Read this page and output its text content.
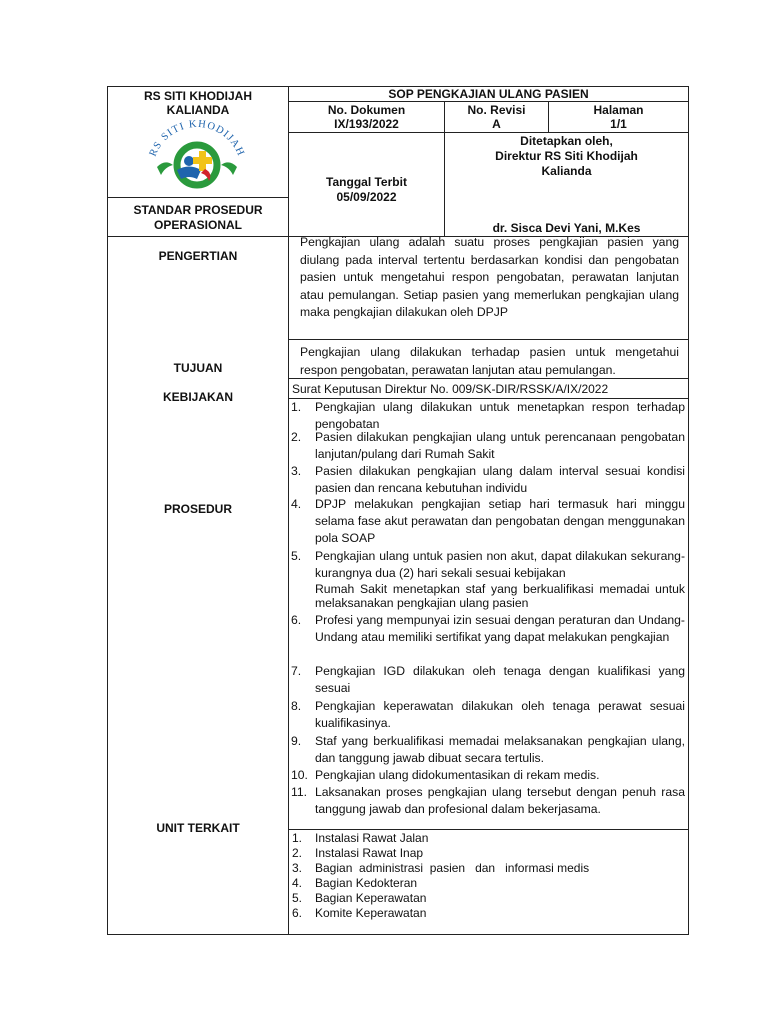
RS SITI KHODIJAH
KALIANDA
RS SITI KHODIJAH
STANDAR PROSEDUR
OPERASIONAL
SOP PENGKAJIAN ULANG PASIEN
No. Dokumen
IX/193/2022
No. Revisi
A
Halaman
1/1
Tanggal Terbit
05/09/2022
Ditetapkan oleh,
Direktur RS Siti Khodijah
Kalianda
dr. Sisca Devi Yani, M.Kes
PENGERTIAN
TUJUAN
KEBIJAKAN
PROSEDUR
UNIT TERKAIT
Pengkajian ulang adalah suatu proses pengkajian pasien yang diulang pada interval tertentu berdasarkan kondisi dan pengobatan pasien untuk mengetahui respon pengobatan, perawatan lanjutan atau pemulangan. Setiap pasien yang memerlukan pengkajian ulang maka pengkajian dilakukan oleh DPJP
Pengkajian ulang dilakukan terhadap pasien untuk mengetahui respon pengobatan, perawatan lanjutan atau pemulangan.
Surat Keputusan Direktur No. 009/SK-DIR/RSSK/A/IX/2022
1. Pengkajian ulang dilakukan untuk menetapkan respon terhadap pengobatan
2. Pasien dilakukan pengkajian ulang untuk perencanaan pengobatan lanjutan/pulang dari Rumah Sakit
3. Pasien dilakukan pengkajian ulang dalam interval sesuai kondisi pasien dan rencana kebutuhan individu
4. DPJP melakukan pengkajian setiap hari termasuk hari minggu selama fase akut perawatan dan pengobatan dengan menggunakan pola SOAP
5. Pengkajian ulang untuk pasien non akut, dapat dilakukan sekurang-kurangnya dua (2) hari sekali sesuai kebijakan
Rumah Sakit menetapkan staf yang berkualifikasi memadai untuk melaksanakan pengkajian ulang pasien
6. Profesi yang mempunyai izin sesuai dengan peraturan dan Undang-Undang atau memiliki sertifikat yang dapat melakukan pengkajian
7. Pengkajian IGD dilakukan oleh tenaga dengan kualifikasi yang sesuai
8. Pengkajian keperawatan dilakukan oleh tenaga perawat sesuai kualifikasinya.
9. Staf yang berkualifikasi memadai melaksanakan pengkajian ulang, dan tanggung jawab dibuat secara tertulis.
10. Pengkajian ulang didokumentasikan di rekam medis.
11. Laksanakan proses pengkajian ulang tersebut dengan penuh rasa tanggung jawab dan profesional dalam bekerjasama.
1. Instalasi Rawat Jalan
2. Instalasi Rawat Inap
3. Bagian  administrasi  pasien   dan   informasi medis
4. Bagian Kedokteran
5. Bagian Keperawatan
6. Komite Keperawatan
